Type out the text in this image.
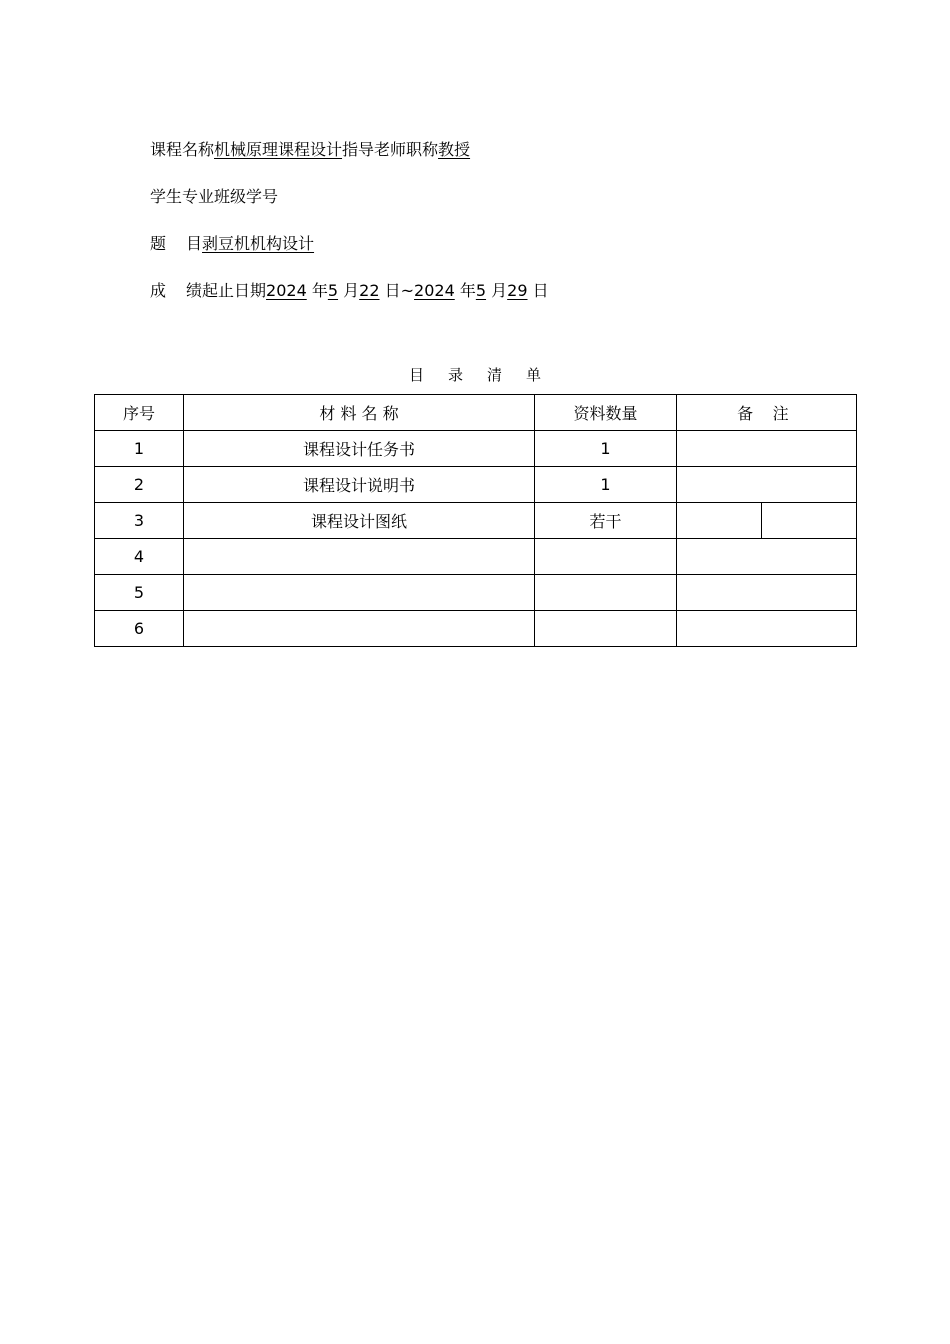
课程名称机械原理课程设计指导老师职称教授
学生专业班级学号
题 目剥豆机机构设计
成 绩起止日期2024 年5 月22 日~2024 年5 月29 日
目 录 清 单
序号	材 料 名 称	资料数量	备 注	
1	课程设计任务书	1		
2	课程设计说明书	1		
3	课程设计图纸	若干		
4				
5				
6				
